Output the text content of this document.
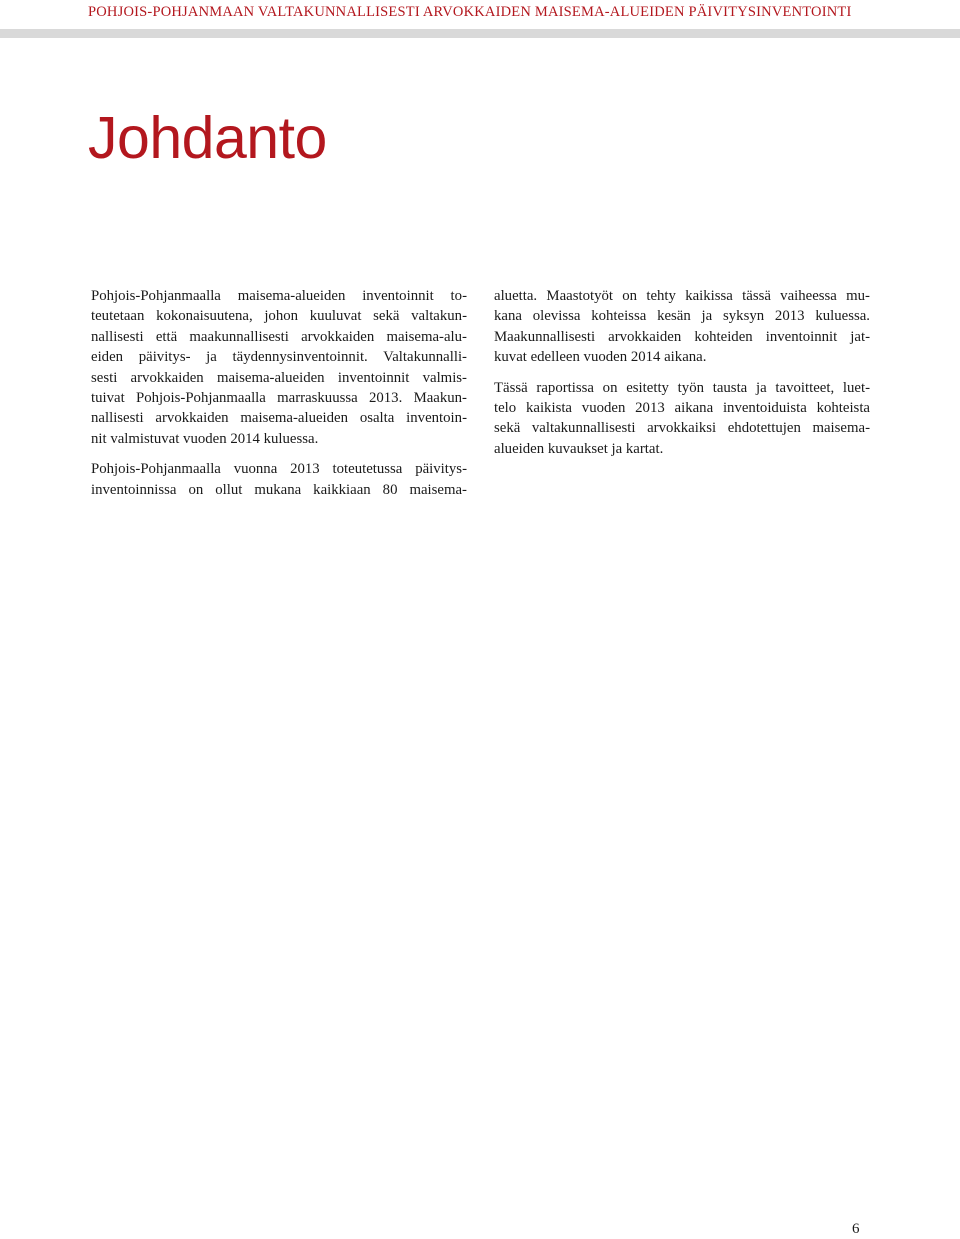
POHJOIS-POHJANMAAN VALTAKUNNALLISESTI ARVOKKAIDEN MAISEMA-ALUEIDEN PÄIVITYSINVENTOINTI
Johdanto

Pohjois-Pohjanmaalla maisema-alueiden inventoinnit to-
teutetaan kokonaisuutena, johon kuuluvat sekä valtakun-
nallisesti että maakunnallisesti arvokkaiden maisema-alu-
eiden päivitys- ja täydennysinventoinnit. Valtakunnalli-
sesti arvokkaiden maisema-alueiden inventoinnit valmis-
tuivat Pohjois-Pohjanmaalla marraskuussa 2013. Maakun-
nallisesti arvokkaiden maisema-alueiden osalta inventoin-
nit valmistuvat vuoden 2014 kuluessa.

Pohjois-Pohjanmaalla vuonna 2013 toteutetussa päivitys-
inventoinnissa on ollut mukana kaikkiaan 80 maisema-

aluetta. Maastotyöt on tehty kaikissa tässä vaiheessa mu-
kana olevissa kohteissa kesän ja syksyn 2013 kuluessa.
Maakunnallisesti arvokkaiden kohteiden inventoinnit jat-
kuvat edelleen vuoden 2014 aikana.

Tässä raportissa on esitetty työn tausta ja tavoitteet, luet-
telo kaikista vuoden 2013 aikana inventoiduista kohteista
sekä valtakunnallisesti arvokkaiksi ehdotettujen maisema-
alueiden kuvaukset ja kartat.

6
